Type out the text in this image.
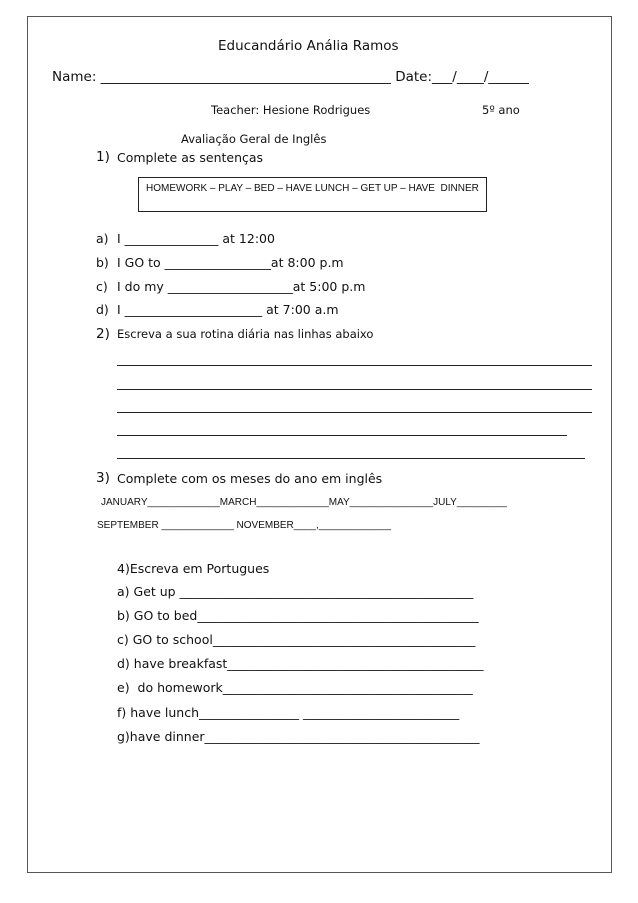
Educandário Anália Ramos
Name: ___________________________________________ Date:___/____/______
Teacher: Hesione Rodrigues	5º ano
Avaliação Geral de Inglês
1) Complete as sentenças
HOMEWORK – PLAY – BED – HAVE LUNCH – GET UP – HAVE  DINNER
a) I _______________ at 12:00
b) I GO to _________________at 8:00 p.m
c) I do my ____________________at 5:00 p.m
d) I ______________________ at 7:00 a.m
2) Escreva a sua rotina diária nas linhas abaixo
3) Complete com os meses do ano em inglês
JANUARY_____________MARCH_____________MAY_______________JULY_________
SEPTEMBER _____________ NOVEMBER____,_____________
4)Escreva em Portugues
a) Get up _______________________________________________
b) GO to bed_____________________________________________
c) GO to school__________________________________________
d) have breakfast_________________________________________
e)  do homework________________________________________
f) have lunch________________ _________________________
g)have dinner____________________________________________
